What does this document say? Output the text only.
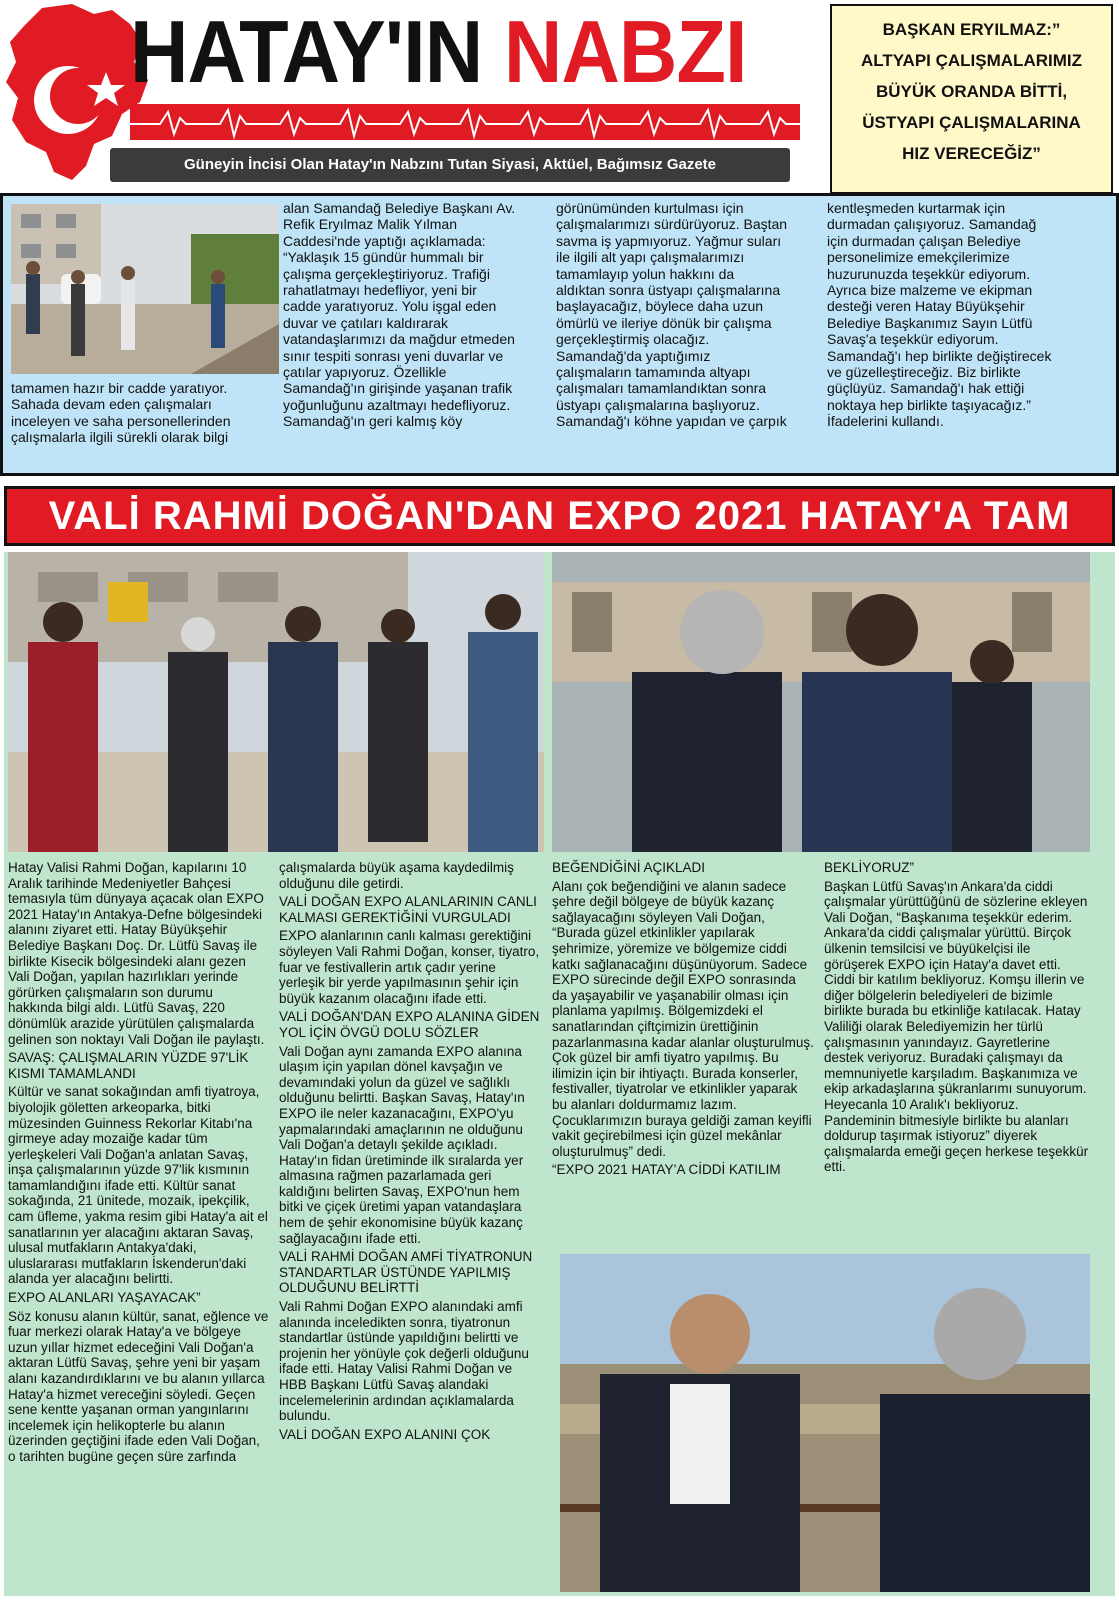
HATAY'IN NABZI
Güneyin İncisi Olan Hatay'ın Nabzını Tutan Siyasi, Aktüel, Bağımsız Gazete
BAŞKAN ERYILMAZ:”
ALTYAPI ÇALIŞMALARIMIZ
BÜYÜK ORANDA BİTTİ,
ÜSTYAPI ÇALIŞMALARINA
HIZ VERECEĞİZ”
tamamen hazır bir cadde yaratıyor.
Sahada devam eden çalışmaları
inceleyen ve saha personellerinden
çalışmalarla ilgili sürekli olarak bilgi
alan Samandağ Belediye Başkanı Av.
Refik Eryılmaz Malik Yılman
Caddesi'nde yaptığı açıklamada:
“Yaklaşık 15 gündür hummalı bir
çalışma gerçekleştiriyoruz. Trafiği
rahatlatmayı hedefliyor, yeni bir
cadde yaratıyoruz. Yolu işgal eden
duvar ve çatıları kaldırarak
vatandaşlarımızı da mağdur etmeden
sınır tespiti sonrası yeni duvarlar ve
çatılar yapıyoruz. Özellikle
Samandağ'ın girişinde yaşanan trafik
yoğunluğunu azaltmayı hedefliyoruz.
Samandağ'ın geri kalmış köy
görünümünden kurtulması için
çalışmalarımızı sürdürüyoruz. Baştan
savma iş yapmıyoruz. Yağmur suları
ile ilgili alt yapı çalışmalarımızı
tamamlayıp yolun hakkını da
aldıktan sonra üstyapı çalışmalarına
başlayacağız, böylece daha uzun
ömürlü ve ileriye dönük bir çalışma
gerçekleştirmiş olacağız.
Samandağ'da yaptığımız
çalışmaların tamamında altyapı
çalışmaları tamamlandıktan sonra
üstyapı çalışmalarına başlıyoruz.
Samandağ'ı köhne yapıdan ve çarpık
kentleşmeden kurtarmak için
durmadan çalışıyoruz. Samandağ
için durmadan çalışan Belediye
personelimize emekçilerimize
huzurunuzda teşekkür ediyorum.
Ayrıca bize malzeme ve ekipman
desteği veren Hatay Büyükşehir
Belediye Başkanımız Sayın Lütfü
Savaş'a teşekkür ediyorum.
Samandağ'ı hep birlikte değiştirecek
ve güzelleştireceğiz. Biz birlikte
güçlüyüz. Samandağ'ı hak ettiği
noktaya hep birlikte taşıyacağız.”
İfadelerini kullandı.
VALİ RAHMİ DOĞAN'DAN EXPO 2021 HATAY'A TAM

Hatay Valisi Rahmi Doğan, kapılarını 10 Aralık tarihinde Medeniyetler Bahçesi temasıyla tüm dünyaya açacak olan EXPO 2021 Hatay'ın Antakya-Defne bölgesindeki alanını ziyaret etti. Hatay Büyükşehir Belediye Başkanı Doç. Dr. Lütfü Savaş ile birlikte Kisecik bölgesindeki alanı gezen Vali Doğan, yapılan hazırlıkları yerinde görürken çalışmaların son durumu hakkında bilgi aldı. Lütfü Savaş, 220 dönümlük arazide yürütülen çalışmalarda gelinen son noktayı Vali Doğan ile paylaştı.

SAVAŞ: ÇALIŞMALARIN YÜZDE 97'LİK KISMI TAMAMLANDI

Kültür ve sanat sokağından amfi tiyatroya, biyolojik göletten arkeoparka, bitki müzesinden Guinness Rekorlar Kitabı'na girmeye aday mozaiğe kadar tüm yerleşkeleri Vali Doğan'a anlatan Savaş, inşa çalışmalarının yüzde 97'lik kısmının tamamlandığını ifade etti. Kültür sanat sokağında, 21 ünitede, mozaik, ipekçilik, cam üfleme, yakma resim gibi Hatay'a ait el sanatlarının yer alacağını aktaran Savaş, ulusal mutfakların Antakya'daki, uluslararası mutfakların İskenderun'daki alanda yer alacağını belirtti.

EXPO ALANLARI YAŞAYACAK”

Söz konusu alanın kültür, sanat, eğlence ve fuar merkezi olarak Hatay'a ve bölgeye uzun yıllar hizmet edeceğini Vali Doğan'a aktaran Lütfü Savaş, şehre yeni bir yaşam alanı kazandırdıklarını ve bu alanın yıllarca Hatay'a hizmet vereceğini söyledi. Geçen sene kentte yaşanan orman yangınlarını incelemek için helikopterle bu alanın üzerinden geçtiğini ifade eden Vali Doğan, o tarihten bugüne geçen süre zarfında

çalışmalarda büyük aşama kaydedilmiş olduğunu dile getirdi.

VALİ DOĞAN EXPO ALANLARININ CANLI KALMASI GEREKTİĞİNİ VURGULADI

EXPO alanlarının canlı kalması gerektiğini söyleyen Vali Rahmi Doğan, konser, tiyatro, fuar ve festivallerin artık çadır yerine yerleşik bir yerde yapılmasının şehir için büyük kazanım olacağını ifade etti.

VALİ DOĞAN'DAN EXPO ALANINA GİDEN YOL İÇİN ÖVGÜ DOLU SÖZLER

Vali Doğan aynı zamanda EXPO alanına ulaşım için yapılan dönel kavşağın ve devamındaki yolun da güzel ve sağlıklı olduğunu belirtti. Başkan Savaş, Hatay'ın EXPO ile neler kazanacağını, EXPO'yu yapmalarındaki amaçlarının ne olduğunu Vali Doğan'a detaylı şekilde açıkladı. Hatay'ın fidan üretiminde ilk sıralarda yer almasına rağmen pazarlamada geri kaldığını belirten Savaş, EXPO'nun hem bitki ve çiçek üretimi yapan vatandaşlara hem de şehir ekonomisine büyük kazanç sağlayacağını ifade etti.

VALİ RAHMİ DOĞAN AMFİ TİYATRONUN STANDARTLAR ÜSTÜNDE YAPILMIŞ OLDUĞUNU BELİRTTİ

Vali Rahmi Doğan EXPO alanındaki amfi alanında inceledikten sonra, tiyatronun standartlar üstünde yapıldığını belirtti ve projenin her yönüyle çok değerli olduğunu ifade etti. Hatay Valisi Rahmi Doğan ve HBB Başkanı Lütfü Savaş alandaki incelemelerinin ardından açıklamalarda bulundu.

VALİ DOĞAN EXPO ALANINI ÇOK

BEĞENDİĞİNİ AÇIKLADI

Alanı çok beğendiğini ve alanın sadece şehre değil bölgeye de büyük kazanç sağlayacağını söyleyen Vali Doğan, “Burada güzel etkinlikler yapılarak şehrimize, yöremize ve bölgemize ciddi katkı sağlanacağını düşünüyorum. Sadece EXPO sürecinde değil EXPO sonrasında da yaşayabilir ve yaşanabilir olması için planlama yapılmış. Bölgemizdeki el sanatlarından çiftçimizin ürettiğinin pazarlanmasına kadar alanlar oluşturulmuş. Çok güzel bir amfi tiyatro yapılmış. Bu ilimizin için bir ihtiyaçtı. Burada konserler, festivaller, tiyatrolar ve etkinlikler yaparak bu alanları doldurmamız lazım. Çocuklarımızın buraya geldiği zaman keyifli vakit geçirebilmesi için güzel mekânlar oluşturulmuş” dedi.

“EXPO 2021 HATAY’A CİDDİ KATILIM

BEKLİYORUZ”

Başkan Lütfü Savaş'ın Ankara'da ciddi çalışmalar yürüttüğünü de sözlerine ekleyen Vali Doğan, “Başkanıma teşekkür ederim. Ankara'da ciddi çalışmalar yürüttü. Birçok ülkenin temsilcisi ve büyükelçisi ile görüşerek EXPO için Hatay'a davet etti. Ciddi bir katılım bekliyoruz. Komşu illerin ve diğer bölgelerin belediyeleri de bizimle birlikte burada bu etkinliğe katılacak. Hatay Valiliği olarak Belediyemizin her türlü çalışmasının yanındayız. Gayretlerine destek veriyoruz. Buradaki çalışmayı da memnuniyetle karşıladım. Başkanımıza ve ekip arkadaşlarına şükranlarımı sunuyorum. Heyecanla 10 Aralık'ı bekliyoruz. Pandeminin bitmesiyle birlikte bu alanları doldurup taşırmak istiyoruz” diyerek çalışmalarda emeği geçen herkese teşekkür etti.
